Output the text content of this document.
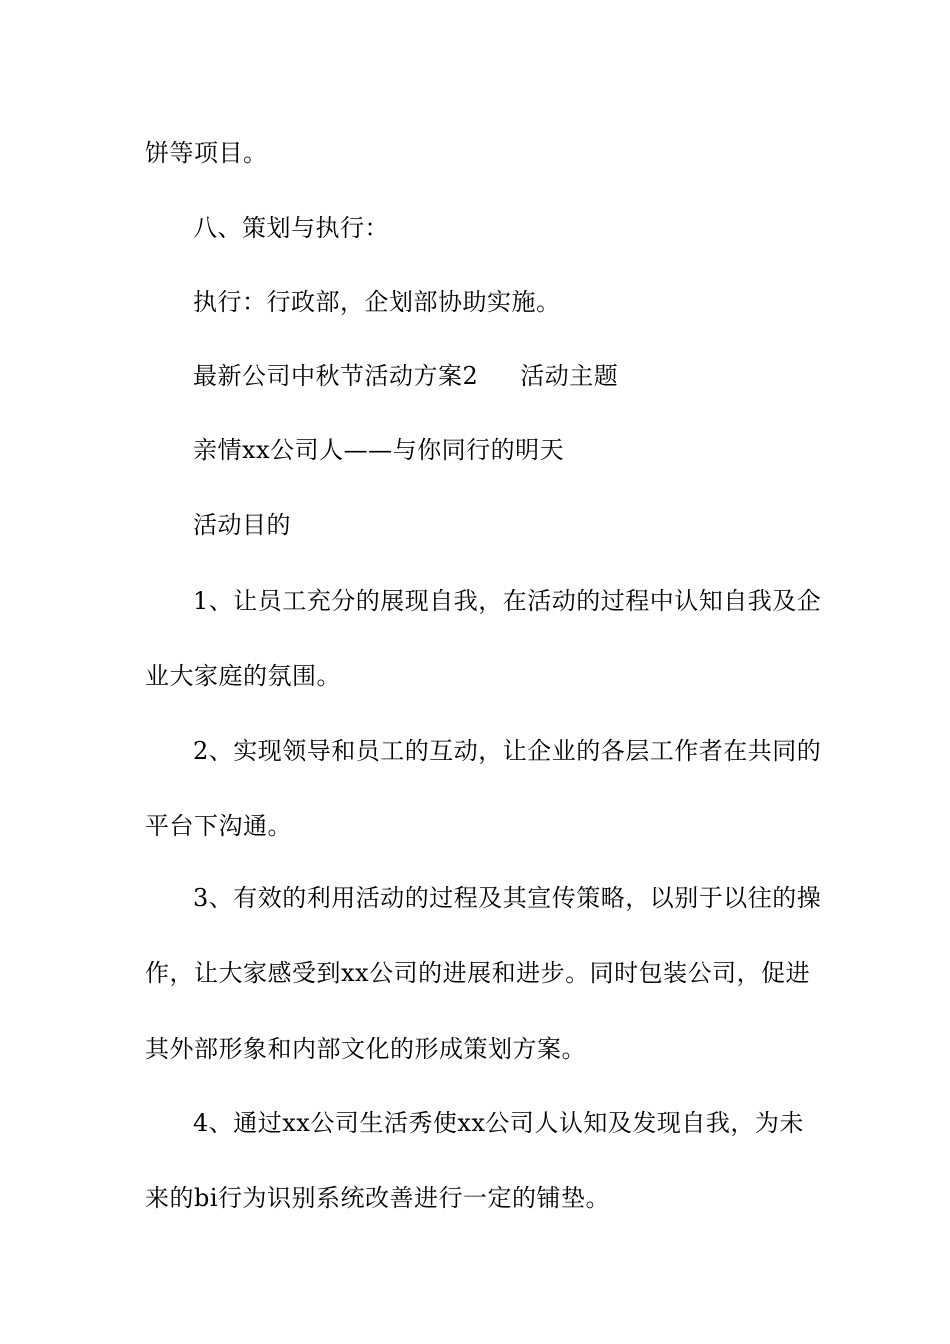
饼等项目。
八、策划与执行：
执行：行政部，企划部协助实施。
最新公司中秋节活动方案2 活动主题
亲情xx公司人——与你同行的明天
活动目的
1、让员工充分的展现自我，在活动的过程中认知自我及企
业大家庭的氛围。
2、实现领导和员工的互动，让企业的各层工作者在共同的
平台下沟通。
3、有效的利用活动的过程及其宣传策略，以别于以往的操
作，让大家感受到xx公司的进展和进步。同时包装公司，促进
其外部形象和内部文化的形成策划方案。
4、通过xx公司生活秀使xx公司人认知及发现自我，为未
来的bi行为识别系统改善进行一定的铺垫。
